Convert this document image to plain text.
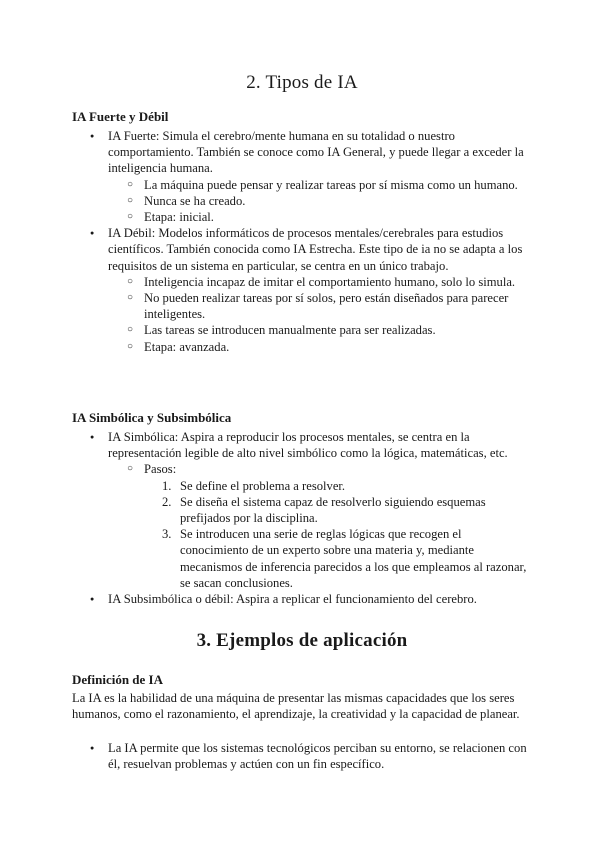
2. Tipos de IA
IA Fuerte y Débil
● IA Fuerte: Simula el cerebro/mente humana en su totalidad o nuestro comportamiento. También se conoce como IA General, y puede llegar a exceder la inteligencia humana.
○ La máquina puede pensar y realizar tareas por sí misma como un humano.
○ Nunca se ha creado.
○ Etapa: inicial.
● IA Débil: Modelos informáticos de procesos mentales/cerebrales para estudios científicos. También conocida como IA Estrecha. Este tipo de ia no se adapta a los requisitos de un sistema en particular, se centra en un único trabajo.
○ Inteligencia incapaz de imitar el comportamiento humano, solo lo simula.
○ No pueden realizar tareas por sí solos, pero están diseñados para parecer inteligentes.
○ Las tareas se introducen manualmente para ser realizadas.
○ Etapa: avanzada.
IA Simbólica y Subsimbólica
● IA Simbólica: Aspira a reproducir los procesos mentales, se centra en la representación legible de alto nivel simbólico como la lógica, matemáticas, etc.
○ Pasos:
1. Se define el problema a resolver.
2. Se diseña el sistema capaz de resolverlo siguiendo esquemas prefijados por la disciplina.
3. Se introducen una serie de reglas lógicas que recogen el conocimiento de un experto sobre una materia y, mediante mecanismos de inferencia parecidos a los que empleamos al razonar, se sacan conclusiones.
● IA Subsimbólica o débil: Aspira a replicar el funcionamiento del cerebro.
3. Ejemplos de aplicación
Definición de IA

La IA es la habilidad de una máquina de presentar las mismas capacidades que los seres humanos, como el razonamiento, el aprendizaje, la creatividad y la capacidad de planear.

● La IA permite que los sistemas tecnológicos perciban su entorno, se relacionen con él, resuelvan problemas y actúen con un fin específico.
